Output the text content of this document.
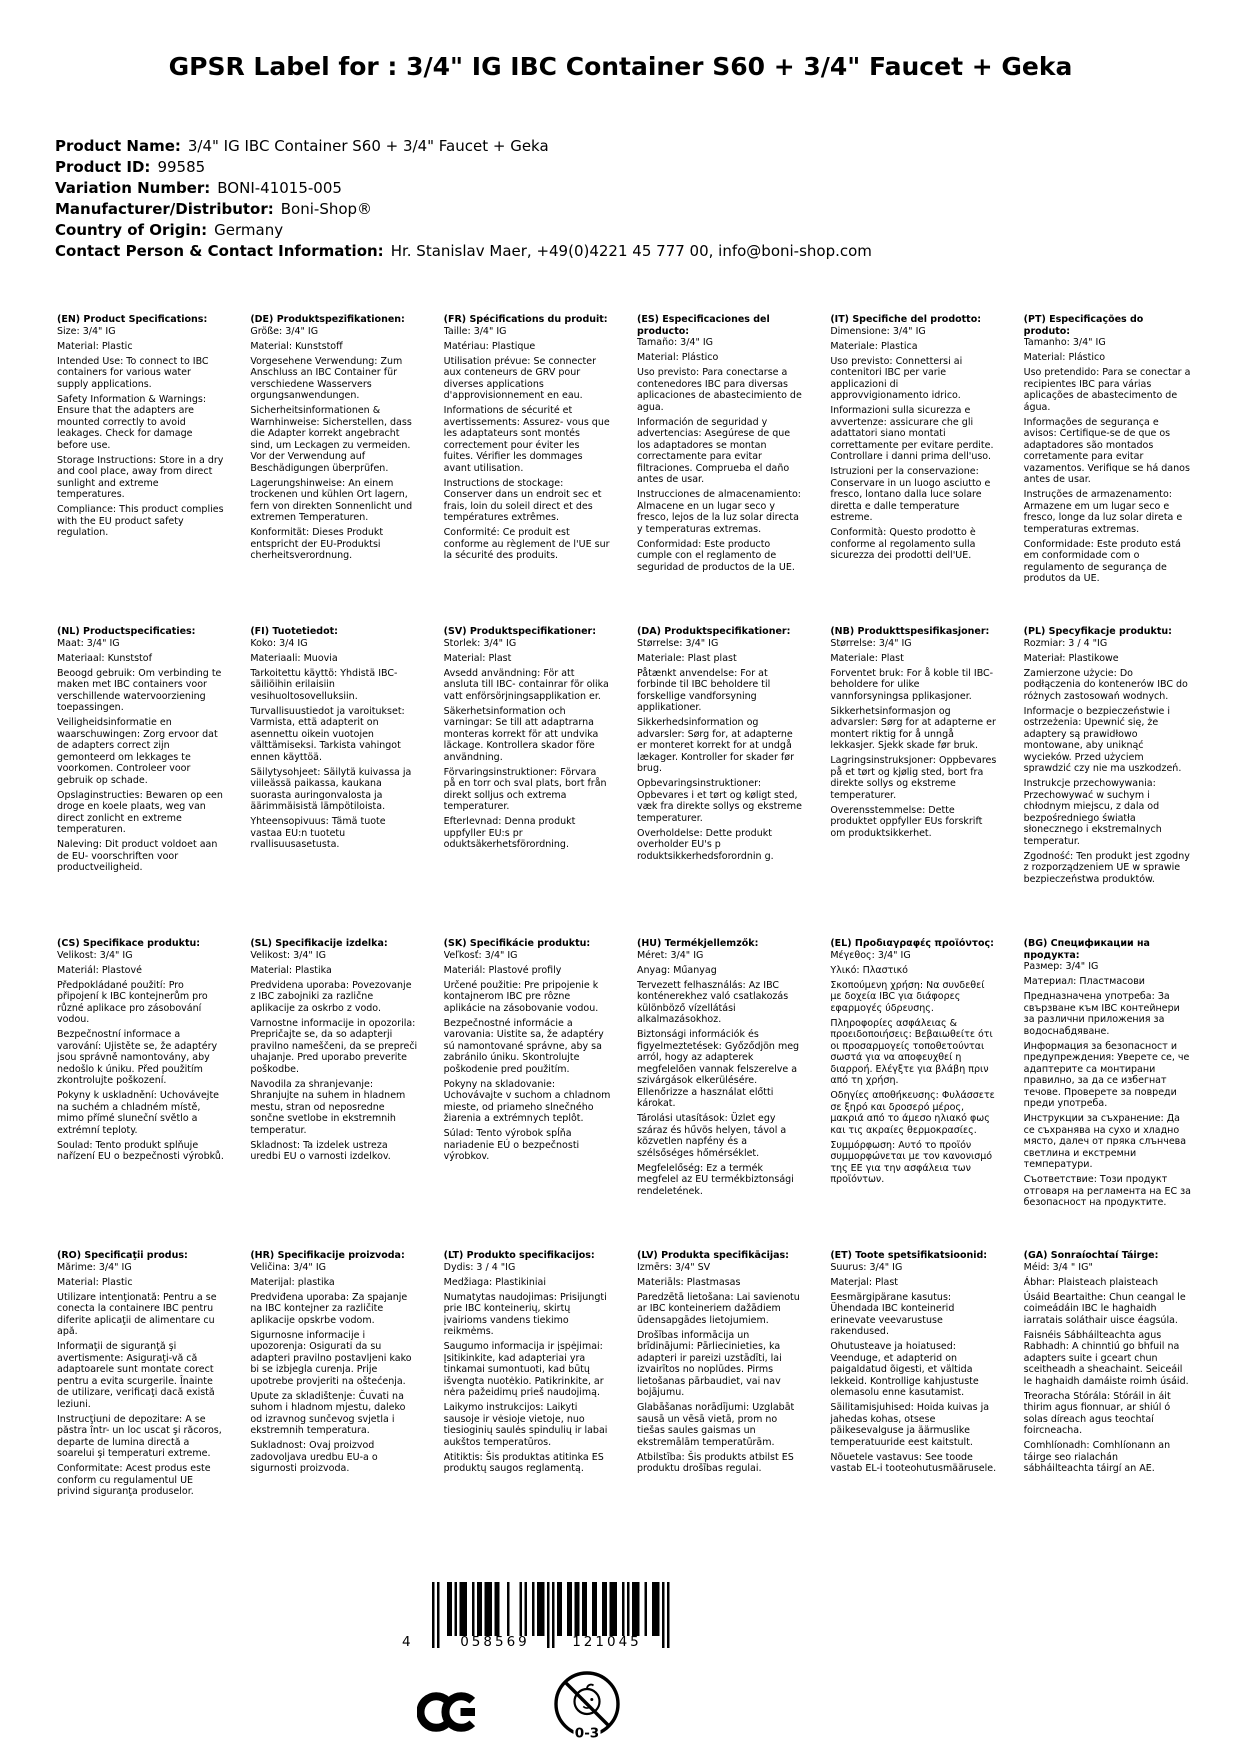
GPSR Label for : 3/4" IG IBC Container S60 + 3/4" Faucet + Geka
Product Name: 3/4" IG IBC Container S60 + 3/4" Faucet + Geka
Product ID: 99585
Variation Number: BONI-41015-005
Manufacturer/Distributor: Boni-Shop®
Country of Origin: Germany
Contact Person & Contact Information: Hr. Stanislav Maer, +49(0)4221 45 777 00, info@boni-shop.com
(EN) Product Specifications:

Size: 3/4" IG

Material: Plastic

Intended Use: To connect to IBC containers for various water supply applications.

Safety Information & Warnings: Ensure that the adapters are mounted correctly to avoid leakages. Check for damage before use.

Storage Instructions: Store in a dry and cool place, away from direct sunlight and extreme temperatures.

Compliance: This product complies with the EU product safety regulation.

(DE) Produktspezifikationen:

Größe: 3/4" IG

Material: Kunststoff

Vorgesehene Verwendung: Zum Anschluss an IBC Container für verschiedene Wasservers orgungsanwendungen.

Sicherheitsinformationen & Warnhinweise: Sicherstellen, dass die Adapter korrekt angebracht sind, um Leckagen zu vermeiden. Vor der Verwendung auf Beschädigungen überprüfen.

Lagerungshinweise: An einem trockenen und kühlen Ort lagern, fern von direkten Sonnenlicht und extremen Temperaturen.

Konformität: Dieses Produkt entspricht der EU-Produktsi cherheitsverordnung.

(FR) Spécifications du produit:

Taille: 3/4" IG

Matériau: Plastique

Utilisation prévue: Se connecter aux conteneurs de GRV pour diverses applications d'approvisionnement en eau.

Informations de sécurité et avertissements: Assurez- vous que les adaptateurs sont montés correctement pour éviter les fuites. Vérifier les dommages avant utilisation.

Instructions de stockage: Conserver dans un endroit sec et frais, loin du soleil direct et des températures extrêmes.

Conformité: Ce produit est conforme au règlement de l'UE sur la sécurité des produits.

(ES) Especificaciones del producto:

Tamaño: 3/4" IG

Material: Plástico

Uso previsto: Para conectarse a contenedores IBC para diversas aplicaciones de abastecimiento de agua.

Información de seguridad y advertencias: Asegúrese de que los adaptadores se montan correctamente para evitar filtraciones. Comprueba el daño antes de usar.

Instrucciones de almacenamiento: Almacene en un lugar seco y fresco, lejos de la luz solar directa y temperaturas extremas.

Conformidad: Este producto cumple con el reglamento de seguridad de productos de la UE.

(IT) Specifiche del prodotto:

Dimensione: 3/4" IG

Materiale: Plastica

Uso previsto: Connettersi ai contenitori IBC per varie applicazioni di approvvigionamento idrico.

Informazioni sulla sicurezza e avvertenze: assicurare che gli adattatori siano montati correttamente per evitare perdite. Controllare i danni prima dell'uso.

Istruzioni per la conservazione: Conservare in un luogo asciutto e fresco, lontano dalla luce solare diretta e dalle temperature estreme.

Conformità: Questo prodotto è conforme al regolamento sulla sicurezza dei prodotti dell'UE.

(PT) Especificações do produto:

Tamanho: 3/4" IG

Material: Plástico

Uso pretendido: Para se conectar a recipientes IBC para várias aplicações de abastecimento de água.

Informações de segurança e avisos: Certifique-se de que os adaptadores são montados corretamente para evitar vazamentos. Verifique se há danos antes de usar.

Instruções de armazenamento: Armazene em um lugar seco e fresco, longe da luz solar direta e temperaturas extremas.

Conformidade: Este produto está em conformidade com o regulamento de segurança de produtos da UE.

(NL) Productspecificaties:

Maat: 3/4" IG

Materiaal: Kunststof

Beoogd gebruik: Om verbinding te maken met IBC containers voor verschillende watervoorziening toepassingen.

Veiligheidsinformatie en waarschuwingen: Zorg ervoor dat de adapters correct zijn gemonteerd om lekkages te voorkomen. Controleer voor gebruik op schade.

Opslaginstructies: Bewaren op een droge en koele plaats, weg van direct zonlicht en extreme temperaturen.

Naleving: Dit product voldoet aan de EU- voorschriften voor productveiligheid.

(FI) Tuotetiedot:

Koko: 3/4 IG

Materiaali: Muovia

Tarkoitettu käyttö: Yhdistä IBC-säiliöihin erilaisiin vesihuoltosovelluksiin.

Turvallisuustiedot ja varoitukset: Varmista, että adapterit on asennettu oikein vuotojen välttämiseksi. Tarkista vahingot ennen käyttöä.

Säilytysohjeet: Säilytä kuivassa ja viileässä paikassa, kaukana suorasta auringonvalosta ja äärimmäisistä lämpötiloista.

Yhteensopivuus: Tämä tuote vastaa EU:n tuotetu rvallisuusasetusta.

(SV) Produktspecifikationer:

Storlek: 3/4" IG

Material: Plast

Avsedd användning: För att ansluta till IBC- containrar för olika vatt enförsörjningsapplikation er.

Säkerhetsinformation och varningar: Se till att adaptrarna monteras korrekt för att undvika läckage. Kontrollera skador före användning.

Förvaringsinstruktioner: Förvara på en torr och sval plats, bort från direkt solljus och extrema temperaturer.

Efterlevnad: Denna produkt uppfyller EU:s pr oduktsäkerhetsförordning.

(DA) Produktspecifikationer:

Størrelse: 3/4" IG

Materiale: Plast plast

Påtænkt anvendelse: For at forbinde til IBC beholdere til forskellige vandforsyning applikationer.

Sikkerhedsinformation og advarsler: Sørg for, at adapterne er monteret korrekt for at undgå lækager. Kontroller for skader før brug.

Opbevaringsinstruktioner: Opbevares i et tørt og køligt sted, væk fra direkte sollys og ekstreme temperaturer.

Overholdelse: Dette produkt overholder EU's p roduktsikkerhedsforordnin g.

(NB) Produkttspesifikasjoner:

Størrelse: 3/4" IG

Materiale: Plast

Forventet bruk: For å koble til IBC-beholdere for ulike vannforsyningsa pplikasjoner.

Sikkerhetsinformasjon og advarsler: Sørg for at adapterne er montert riktig for å unngå lekkasjer. Sjekk skade før bruk.

Lagringsinstruksjoner: Oppbevares på et tørt og kjølig sted, bort fra direkte sollys og ekstreme temperaturer.

Overensstemmelse: Dette produktet oppfyller EUs forskrift om produktsikkerhet.

(PL) Specyfikacje produktu:

Rozmiar: 3 / 4 "IG

Materiał: Plastikowe

Zamierzone użycie: Do podłączenia do kontenerów IBC do różnych zastosowań wodnych.

Informacje o bezpieczeństwie i ostrzeżenia: Upewnić się, że adaptery są prawidłowo montowane, aby uniknąć wycieków. Przed użyciem sprawdzić czy nie ma uszkodzeń.

Instrukcje przechowywania: Przechowywać w suchym i chłodnym miejscu, z dala od bezpośredniego światła słonecznego i ekstremalnych temperatur.

Zgodność: Ten produkt jest zgodny z rozporządzeniem UE w sprawie bezpieczeństwa produktów.

(CS) Specifikace produktu:

Velikost: 3/4" IG

Materiál: Plastové

Předpokládané použití: Pro připojení k IBC kontejnerům pro různé aplikace pro zásobování vodou.

Bezpečnostní informace a varování: Ujistěte se, že adaptéry jsou správně namontovány, aby nedošlo k úniku. Před použitím zkontrolujte poškození.

Pokyny k uskladnění: Uchovávejte na suchém a chladném místě, mimo přímé sluneční světlo a extrémní teploty.

Soulad: Tento produkt splňuje nařízení EU o bezpečnosti výrobků.

(SL) Specifikacije izdelka:

Velikost: 3/4" IG

Material: Plastika

Predvidena uporaba: Povezovanje z IBC zabojniki za različne aplikacije za oskrbo z vodo.

Varnostne informacije in opozorila: Prepričajte se, da so adapterji pravilno nameščeni, da se prepreči uhajanje. Pred uporabo preverite poškodbe.

Navodila za shranjevanje: Shranjujte na suhem in hladnem mestu, stran od neposredne sončne svetlobe in ekstremnih temperatur.

Skladnost: Ta izdelek ustreza uredbi EU o varnosti izdelkov.

(SK) Špecifikácie produktu:

Veľkosť: 3/4" IG

Materiál: Plastové profily

Určené použitie: Pre pripojenie k kontajnerom IBC pre rôzne aplikácie na zásobovanie vodou.

Bezpečnostné informácie a varovania: Uistite sa, že adaptéry sú namontované správne, aby sa zabránilo úniku. Skontrolujte poškodenie pred použitím.

Pokyny na skladovanie: Uchovávajte v suchom a chladnom mieste, od priameho slnečného žiarenia a extrémnych teplôt.

Súlad: Tento výrobok spĺňa nariadenie EÚ o bezpečnosti výrobkov.

(HU) Termékjellemzők:

Méret: 3/4" IG

Anyag: Műanyag

Tervezett felhasználás: Az IBC konténerekhez való csatlakozás különböző vízellátási alkalmazásokhoz.

Biztonsági információk és figyelmeztetések: Győződjön meg arról, hogy az adapterek megfelelően vannak felszerelve a szivárgások elkerülésére. Ellenőrizze a használat előtti károkat.

Tárolási utasítások: Üzlet egy száraz és hűvös helyen, távol a közvetlen napfény és a szélsőséges hőmérséklet.

Megfelelőség: Ez a termék megfelel az EU termékbiztonsági rendeletének.

(EL) Προδιαγραφές προϊόντος:

Μέγεθος: 3/4" IG

Υλικό: Πλαστικό

Σκοπούμενη χρήση: Να συνδεθεί με δοχεία IBC για διάφορες εφαρμογές ύδρευσης.

Πληροφορίες ασφάλειας & προειδοποιήσεις: Βεβαιωθείτε ότι οι προσαρμογείς τοποθετούνται σωστά για να αποφευχθεί η διαρροή. Ελέγξτε για βλάβη πριν από τη χρήση.

Οδηγίες αποθήκευσης: Φυλάσσετε σε ξηρό και δροσερό μέρος, μακριά από το άμεσο ηλιακό φως και τις ακραίες θερμοκρασίες.

Συμμόρφωση: Αυτό το προϊόν συμμορφώνεται με τον κανονισμό της ΕΕ για την ασφάλεια των προϊόντων.

(BG) Спецификации на продукта:

Размер: 3/4" IG

Материал: Пластмасови

Предназначена употреба: За свързване към IBC контейнери за различни приложения за водоснабдяване.

Информация за безопасност и предупреждения: Уверете се, че адаптерите са монтирани правилно, за да се избегнат течове. Проверете за повреди преди употреба.

Инструкции за съхранение: Да се съхранява на сухо и хладно място, далеч от пряка слънчева светлина и екстремни температури.

Съответствие: Този продукт отговаря на регламента на ЕС за безопасност на продуктите.

(RO) Specificaţii produs:

Mărime: 3/4" IG

Material: Plastic

Utilizare intenţionată: Pentru a se conecta la containere IBC pentru diferite aplicaţii de alimentare cu apă.

Informaţii de siguranţă şi avertismente: Asiguraţi-vă că adaptoarele sunt montate corect pentru a evita scurgerile. Înainte de utilizare, verificaţi dacă există leziuni.

Instrucţiuni de depozitare: A se păstra într- un loc uscat şi răcoros, departe de lumina directă a soarelui şi temperaturi extreme.

Conformitate: Acest produs este conform cu regulamentul UE privind siguranţa produselor.

(HR) Specifikacije proizvoda:

Veličina: 3/4" IG

Materijal: plastika

Predviđena uporaba: Za spajanje na IBC kontejner za različite aplikacije opskrbe vodom.

Sigurnosne informacije i upozorenja: Osigurati da su adapteri pravilno postavljeni kako bi se izbjegla curenja. Prije upotrebe provjeriti na oštećenja.

Upute za skladištenje: Čuvati na suhom i hladnom mjestu, daleko od izravnog sunčevog svjetla i ekstremnih temperatura.

Sukladnost: Ovaj proizvod zadovoljava uredbu EU-a o sigurnosti proizvoda.

(LT) Produkto specifikacijos:

Dydis: 3 / 4 "IG

Medžiaga: Plastikiniai

Numatytas naudojimas: Prisijungti prie IBC konteinerių, skirtų įvairioms vandens tiekimo reikmėms.

Saugumo informacija ir įspėjimai: Įsitikinkite, kad adapteriai yra tinkamai sumontuoti, kad būtų išvengta nuotėkio. Patikrinkite, ar nėra pažeidimų prieš naudojimą.

Laikymo instrukcijos: Laikyti sausoje ir vėsioje vietoje, nuo tiesioginių saulės spindulių ir labai aukštos temperatūros.

Atitiktis: Šis produktas atitinka ES produktų saugos reglamentą.

(LV) Produkta specifikācijas:

Izmērs: 3/4" SV

Materiāls: Plastmasas

Paredzētā lietošana: Lai savienotu ar IBC konteineriem dažādiem ūdensapgādes lietojumiem.

Drošības informācija un brīdinājumi: Pārliecinieties, ka adapteri ir pareizi uzstādīti, lai izvairītos no noplūdes. Pirms lietošanas pārbaudiet, vai nav bojājumu.

Glabāšanas norādījumi: Uzglabāt sausā un vēsā vietā, prom no tiešas saules gaismas un ekstremālām temperatūrām.

Atbilstība: Šis produkts atbilst ES produktu drošības regulai.

(ET) Toote spetsifikatsioonid:

Suurus: 3/4" IG

Materjal: Plast

Eesmärgipärane kasutus: Ühendada IBC konteinerid erinevate veevarustuse rakendused.

Ohutusteave ja hoiatused: Veenduge, et adapterid on paigaldatud õigesti, et vältida lekkeid. Kontrollige kahjustuste olemasolu enne kasutamist.

Säilitamisjuhised: Hoida kuivas ja jahedas kohas, otsese päikesevalguse ja äärmuslike temperatuuride eest kaitstult.

Nõuetele vastavus: See toode vastab EL-i tooteohutusmäärusele.

(GA) Sonraíochtaí Táirge:

Méid: 3/4 " IG"

Ábhar: Plaisteach plaisteach

Úsáid Beartaithe: Chun ceangal le coimeádáin IBC le haghaidh iarratais soláthair uisce éagsúla.

Faisnéis Sábháilteachta agus Rabhadh: A chinntiú go bhfuil na adapters suite i gceart chun sceitheadh a sheachaint. Seiceáil le haghaidh damáiste roimh úsáid.

Treoracha Stórála: Stóráil in áit thirim agus fionnuar, ar shiúl ó solas díreach agus teochtaí foircneacha.

Comhlíonadh: Comhlíonann an táirge seo rialachán sábháilteachta táirgí an AE.

4	058569	121045
0-3
